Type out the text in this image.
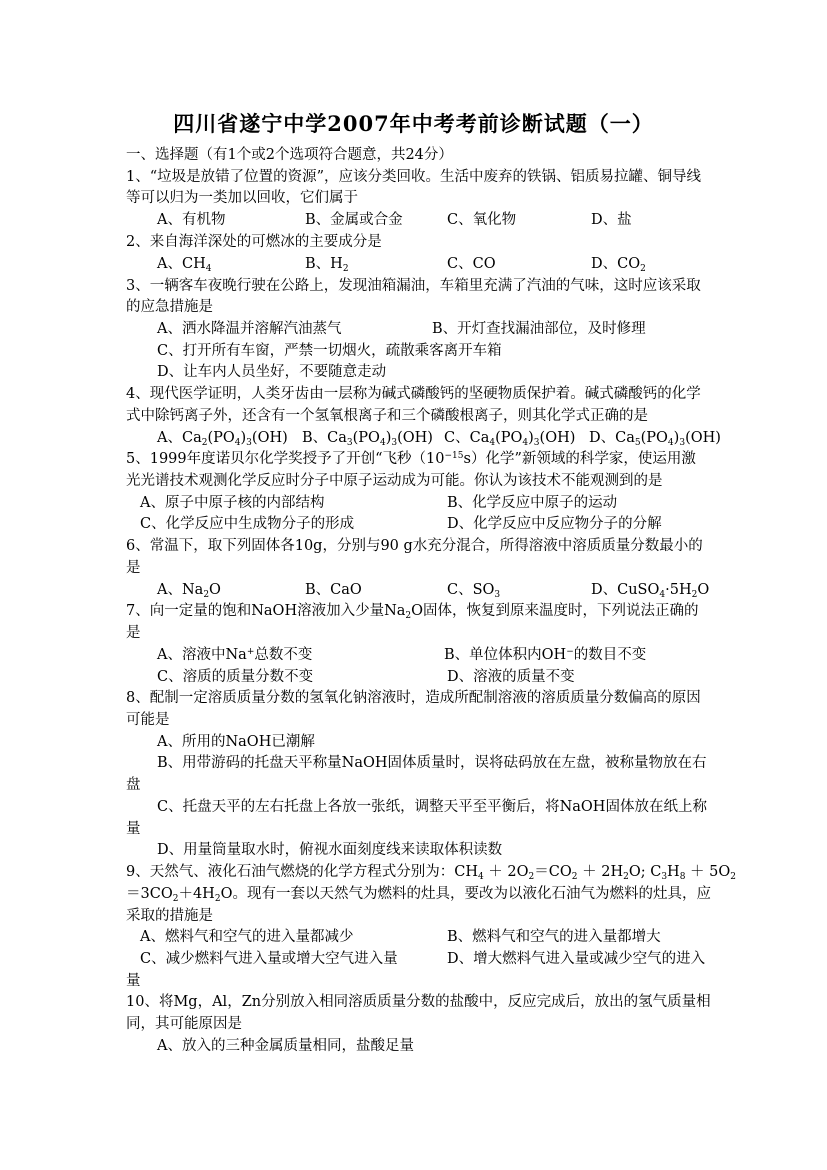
四川省遂宁中学2007年中考考前诊断试题（一）
一、选择题（有1个或2个选项符合题意，共24分）
1、“垃圾是放错了位置的资源”，应该分类回收。生活中废弃的铁锅、铝质易拉罐、铜导线
等可以归为一类加以回收，它们属于
A、有机物	B、金属或合金	C、氧化物	D、盐
2、来自海洋深处的可燃冰的主要成分是
A、$CH_4$	B、$H_2$	C、CO	D、$CO_2$
3、一辆客车夜晚行驶在公路上，发现油箱漏油，车箱里充满了汽油的气味，这时应该采取
的应急措施是
A、洒水降温并溶解汽油蒸气	B、开灯查找漏油部位，及时修理
C、打开所有车窗，严禁一切烟火，疏散乘客离开车箱
D、让车内人员坐好，不要随意走动
4、现代医学证明，人类牙齿由一层称为碱式磷酸钙的坚硬物质保护着。碱式磷酸钙的化学
式中除钙离子外，还含有一个氢氧根离子和三个磷酸根离子，则其化学式正确的是
A、$Ca_2(PO_4)_3(OH)$ B、$Ca_3(PO_4)_3(OH)$ C、$Ca_4(PO_4)_3(OH)$ D、$Ca_5(PO_4)_3(OH)$
5、1999年度诺贝尔化学奖授予了开创“飞秒$(10^{-15}s)$化学”新领域的科学家，使运用激
光光谱技术观测化学反应时分子中原子运动成为可能。你认为该技术不能观测到的是
A、原子中原子核的内部结构	B、化学反应中原子的运动
C、化学反应中生成物分子的形成	D、化学反应中反应物分子的分解
6、常温下，取下列固体各10g，分别与90 g水充分混合，所得溶液中溶质质量分数最小的
是
A、$Na_2O$	B、CaO	C、$SO_3$	D、$CuSO_4\cdot 5H_2O$
7、向一定量的饱和NaOH溶液加入少量$Na_2O$固体，恢复到原来温度时，下列说法正确的
是
A、溶液中Na+总数不变	B、单位体积内OH−的数目不变
C、溶质的质量分数不变	D、溶液的质量不变
8、配制一定溶质质量分数的氢氧化钠溶液时，造成所配制溶液的溶质质量分数偏高的原因
可能是
A、所用的NaOH已潮解
B、用带游码的托盘天平称量NaOH固体质量时，误将砝码放在左盘，被称量物放在右
盘
C、托盘天平的左右托盘上各放一张纸，调整天平至平衡后，将NaOH固体放在纸上称
量
D、用量筒量取水时，俯视水面刻度线来读取体积读数
9、天然气、液化石油气燃烧的化学方程式分别为：$CH_4 + 2O_2=CO_2 + 2H_2O$; $C_3H_8 + 5O_2$
$=3CO_2+4H_2O$。现有一套以天然气为燃料的灶具，要改为以液化石油气为燃料的灶具，应
采取的措施是
A、燃料气和空气的进入量都减少	B、燃料气和空气的进入量都增大
C、减少燃料气进入量或增大空气进入量	D、增大燃料气进入量或减少空气的进入
量
10、将Mg，Al，Zn分别放入相同溶质质量分数的盐酸中，反应完成后，放出的氢气质量相
同，其可能原因是
A、放入的三种金属质量相同，盐酸足量
